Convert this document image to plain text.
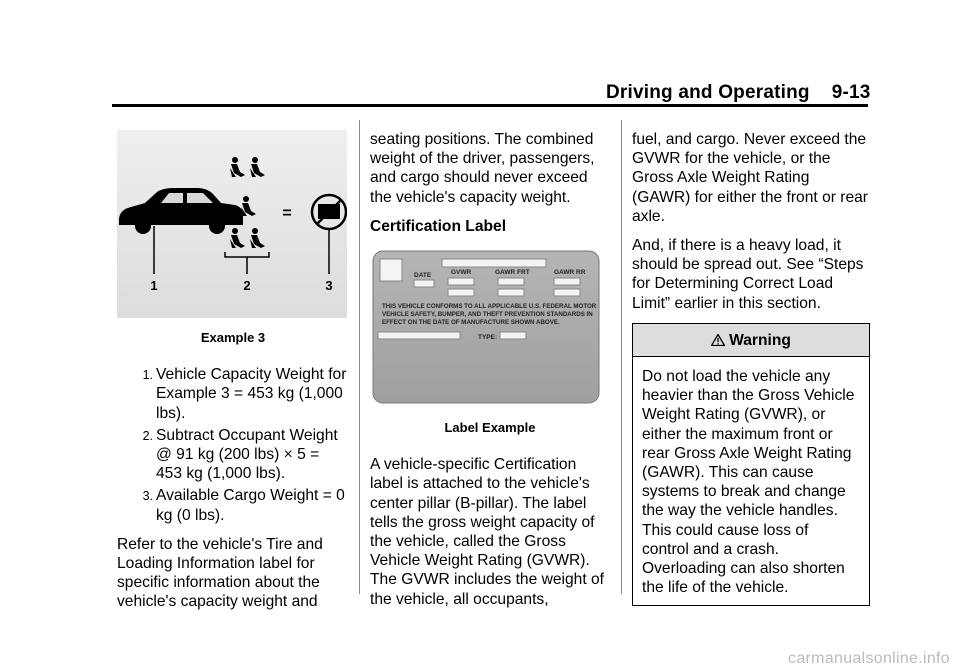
Driving and Operating 9-13
1
–
2
=
3
Example 3
1. Vehicle Capacity Weight for Example 3 = 453 kg (1,000 lbs).
2. Subtract Occupant Weight @ 91 kg (200 lbs) × 5 = 453 kg (1,000 lbs).
3. Available Cargo Weight = 0 kg (0 lbs).

Refer to the vehicle's Tire and Loading Information label for specific information about the vehicle's capacity weight and

seating positions. The combined weight of the driver, passengers, and cargo should never exceed the vehicle's capacity weight.

Certification Label
DATE	GVWR	GAWR FRT	GAWR RR
THIS VEHICLE CONFORMS TO ALL APPLICABLE U.S. FEDERAL MOTOR
VEHICLE SAFETY, BUMPER, AND THEFT PREVENTION STANDARDS IN
EFFECT ON THE DATE OF MANUFACTURE SHOWN ABOVE.
TYPE:
Label Example

A vehicle-specific Certification label is attached to the vehicle's center pillar (B-pillar). The label tells the gross weight capacity of the vehicle, called the Gross Vehicle Weight Rating (GVWR). The GVWR includes the weight of the vehicle, all occupants,

fuel, and cargo. Never exceed the GVWR for the vehicle, or the Gross Axle Weight Rating (GAWR) for either the front or rear axle.

And, if there is a heavy load, it should be spread out. See “Steps for Determining Correct Load Limit” earlier in this section.

Warning
Do not load the vehicle any heavier than the Gross Vehicle Weight Rating (GVWR), or either the maximum front or rear Gross Axle Weight Rating (GAWR). This can cause systems to break and change the way the vehicle handles. This could cause loss of control and a crash. Overloading can also shorten the life of the vehicle.
carmanualsonline.info
